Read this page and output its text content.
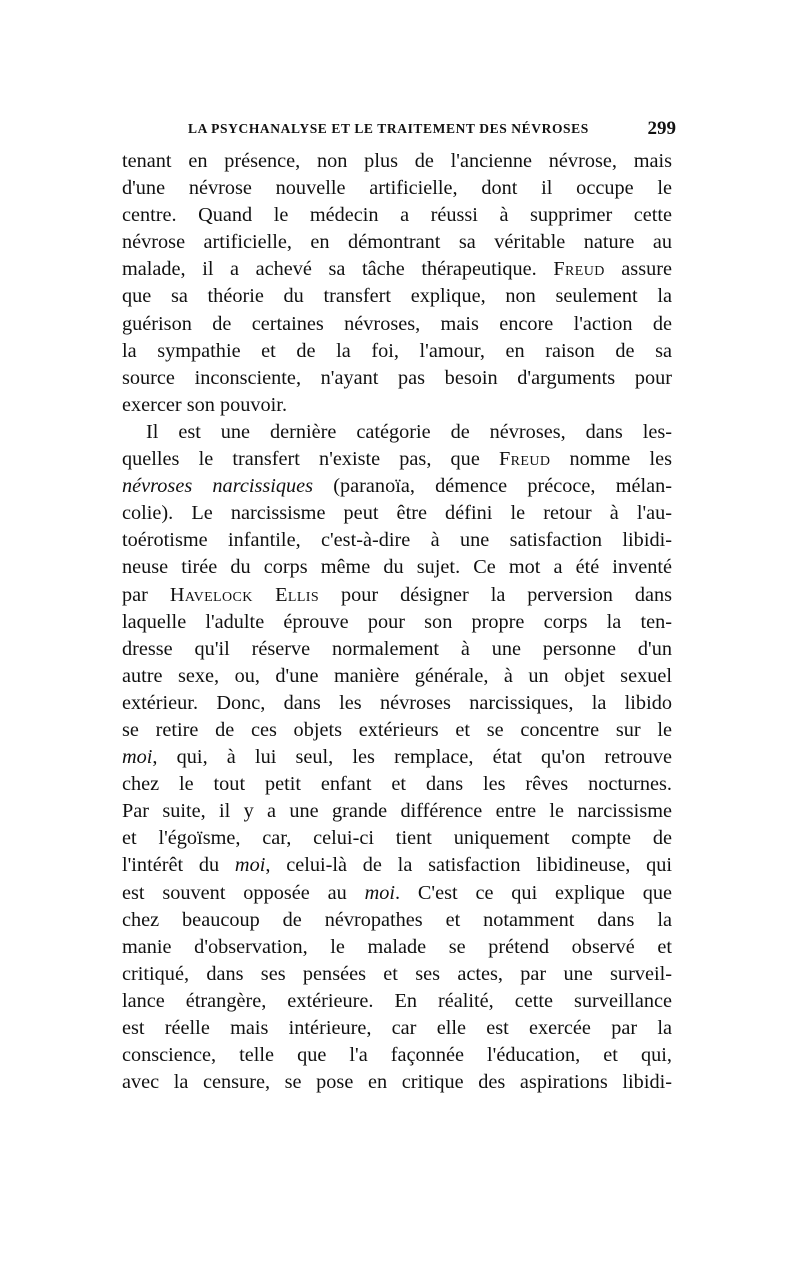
LA PSYCHANALYSE ET LE TRAITEMENT DES NÉVROSES	299
tenant en présence, non plus de l'ancienne névrose, mais
d'une névrose nouvelle artificielle, dont il occupe le
centre. Quand le médecin a réussi à supprimer cette
névrose artificielle, en démontrant sa véritable nature au
malade, il a achevé sa tâche thérapeutique. Freud assure
que sa théorie du transfert explique, non seulement la
guérison de certaines névroses, mais encore l'action de
la sympathie et de la foi, l'amour, en raison de sa
source inconsciente, n'ayant pas besoin d'arguments pour
exercer son pouvoir.
Il est une dernière catégorie de névroses, dans les-
quelles le transfert n'existe pas, que Freud nomme les
névroses narcissiques (paranoïa, démence précoce, mélan-
colie). Le narcissisme peut être défini le retour à l'au-
toérotisme infantile, c'est-à-dire à une satisfaction libidi-
neuse tirée du corps même du sujet. Ce mot a été inventé
par Havelock Ellis pour désigner la perversion dans
laquelle l'adulte éprouve pour son propre corps la ten-
dresse qu'il réserve normalement à une personne d'un
autre sexe, ou, d'une manière générale, à un objet sexuel
extérieur. Donc, dans les névroses narcissiques, la libido
se retire de ces objets extérieurs et se concentre sur le
moi, qui, à lui seul, les remplace, état qu'on retrouve
chez le tout petit enfant et dans les rêves nocturnes.
Par suite, il y a une grande différence entre le narcissisme
et l'égoïsme, car, celui-ci tient uniquement compte de
l'intérêt du moi, celui-là de la satisfaction libidineuse, qui
est souvent opposée au moi. C'est ce qui explique que
chez beaucoup de névropathes et notamment dans la
manie d'observation, le malade se prétend observé et
critiqué, dans ses pensées et ses actes, par une surveil-
lance étrangère, extérieure. En réalité, cette surveillance
est réelle mais intérieure, car elle est exercée par la
conscience, telle que l'a façonnée l'éducation, et qui,
avec la censure, se pose en critique des aspirations libidi-
